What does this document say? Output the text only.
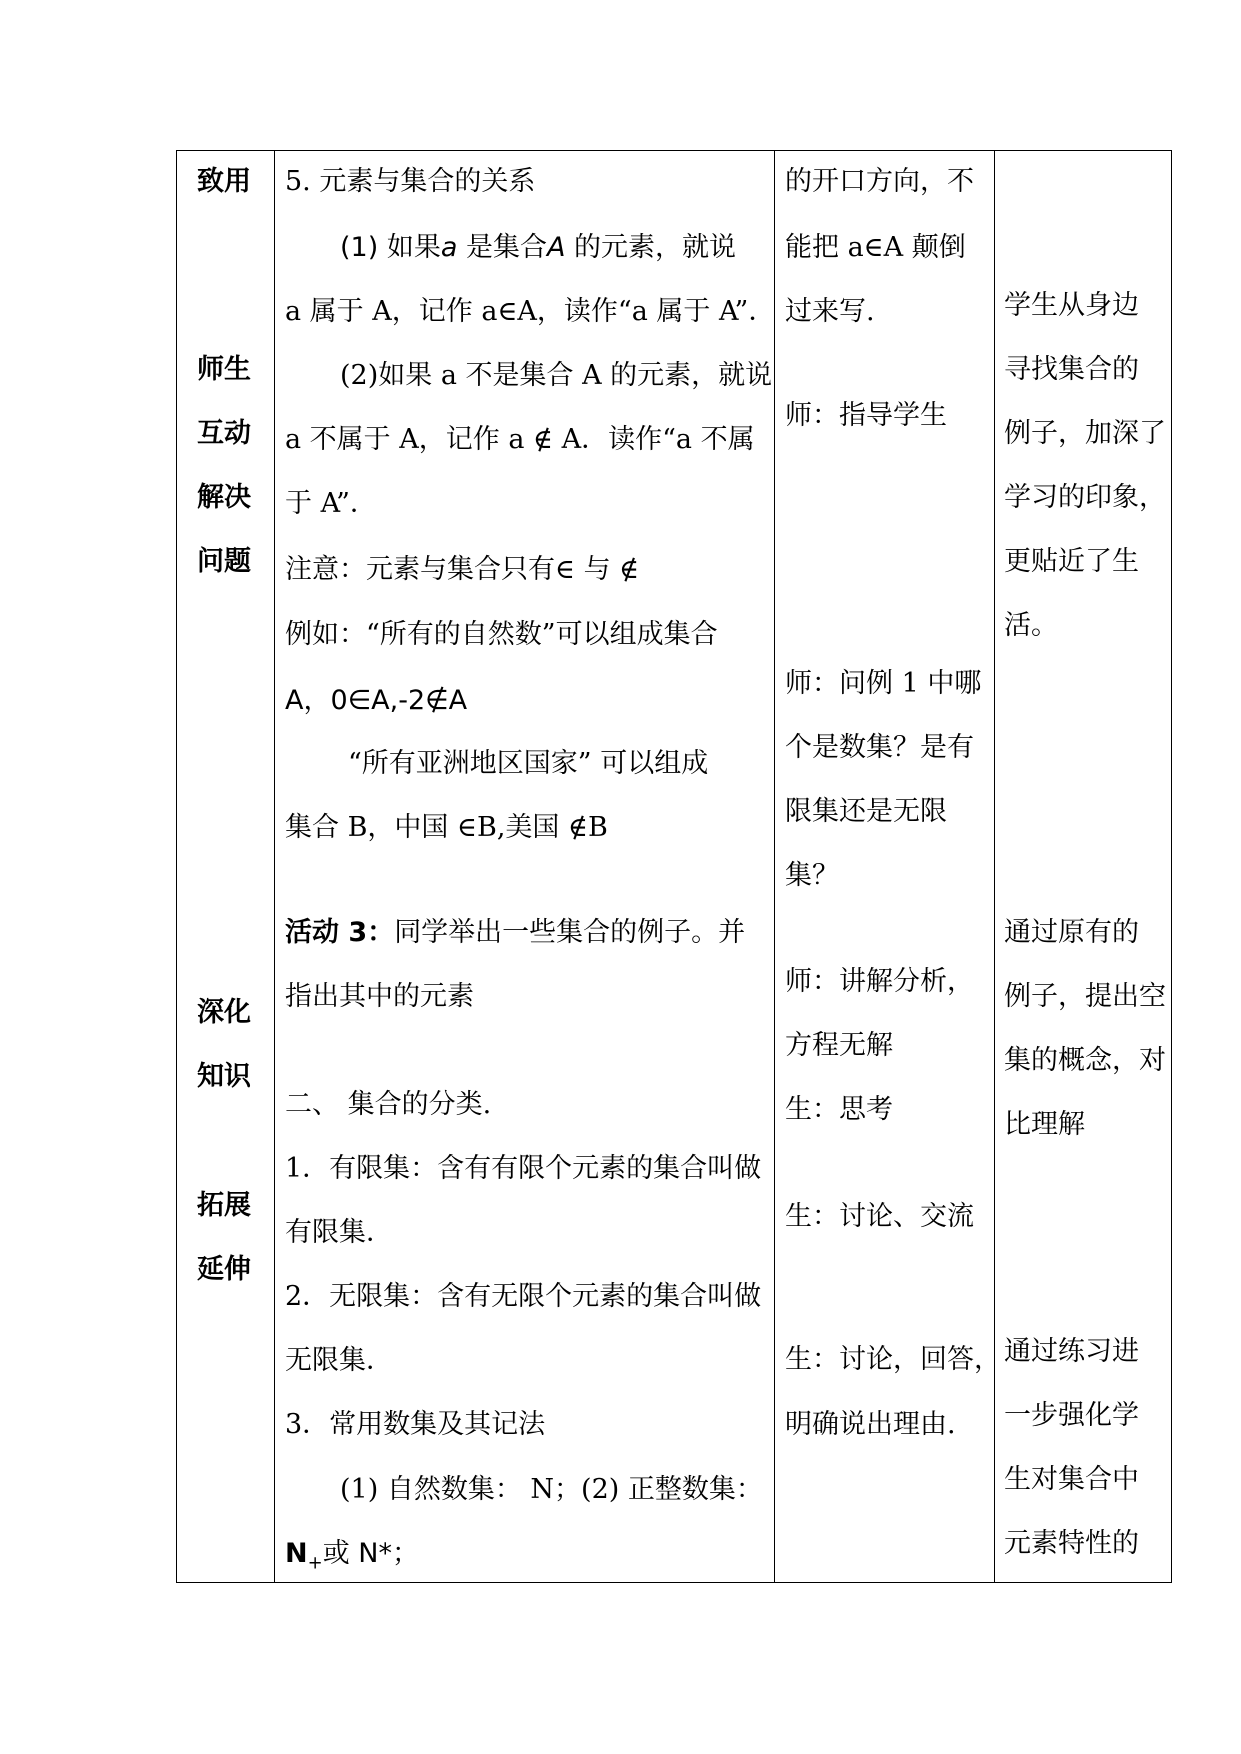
致用
师生
互动
解决
问题
深化
知识
拓展
延伸
5. 元素与集合的关系
(1) 如果a 是集合A 的元素，就说
a 属于 A，记作 a∈A，读作“a 属于 A”．
(2)如果 a 不是集合 A 的元素，就说
a 不属于 A，记作 a ∉ A．读作“a 不属
于 A”．
注意：元素与集合只有∈ 与 ∉
例如：“所有的自然数”可以组成集合
A，0∈A,-2∉A
“所有亚洲地区国家” 可以组成
集合 B，中国 ∈B,美国 ∉B
活动 3：同学举出一些集合的例子。并
指出其中的元素
二、 集合的分类.
1．有限集：含有有限个元素的集合叫做
有限集．
2．无限集：含有无限个元素的集合叫做
无限集．
3．常用数集及其记法
(1) 自然数集： N；(2) 正整数集：
$N_+$或 N*；
的开口方向，不
能把 a∈A 颠倒
过来写.
师：指导学生
师：问例 1 中哪
个是数集？是有
限集还是无限
集？
师：讲解分析，
方程无解
生：思考
生：讨论、交流
生：讨论，回答，
明确说出理由.
学生从身边
寻找集合的
例子，加深了
学习的印象，
更贴近了生
活。
通过原有的
例子，提出空
集的概念，对
比理解
通过练习进
一步强化学
生对集合中
元素特性的
